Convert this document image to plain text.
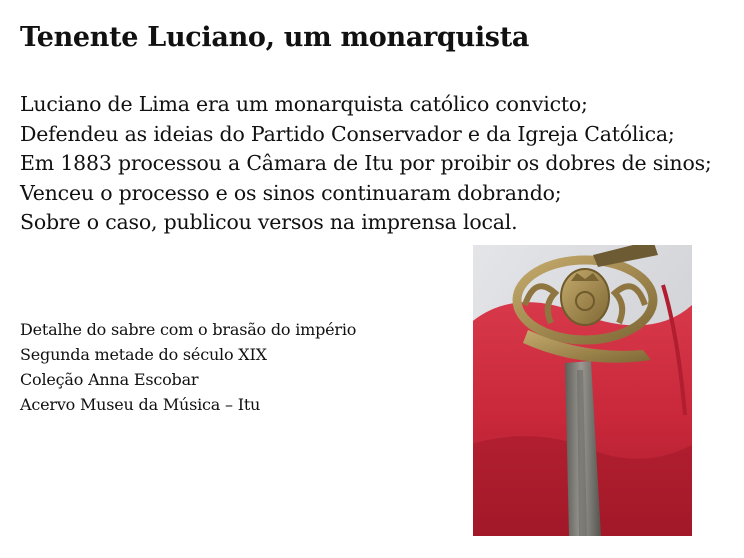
Tenente Luciano, um monarquista
Luciano de Lima era um monarquista católico convicto;
Defendeu as ideias do Partido Conservador e da Igreja Católica;
Em 1883 processou a Câmara de Itu por proibir os dobres de sinos;
Venceu o processo e os sinos continuaram dobrando;
Sobre o caso, publicou versos na imprensa local.
Detalhe do sabre com o brasão do império
Segunda metade do século XIX
Coleção Anna Escobar
Acervo Museu da Música – Itu
